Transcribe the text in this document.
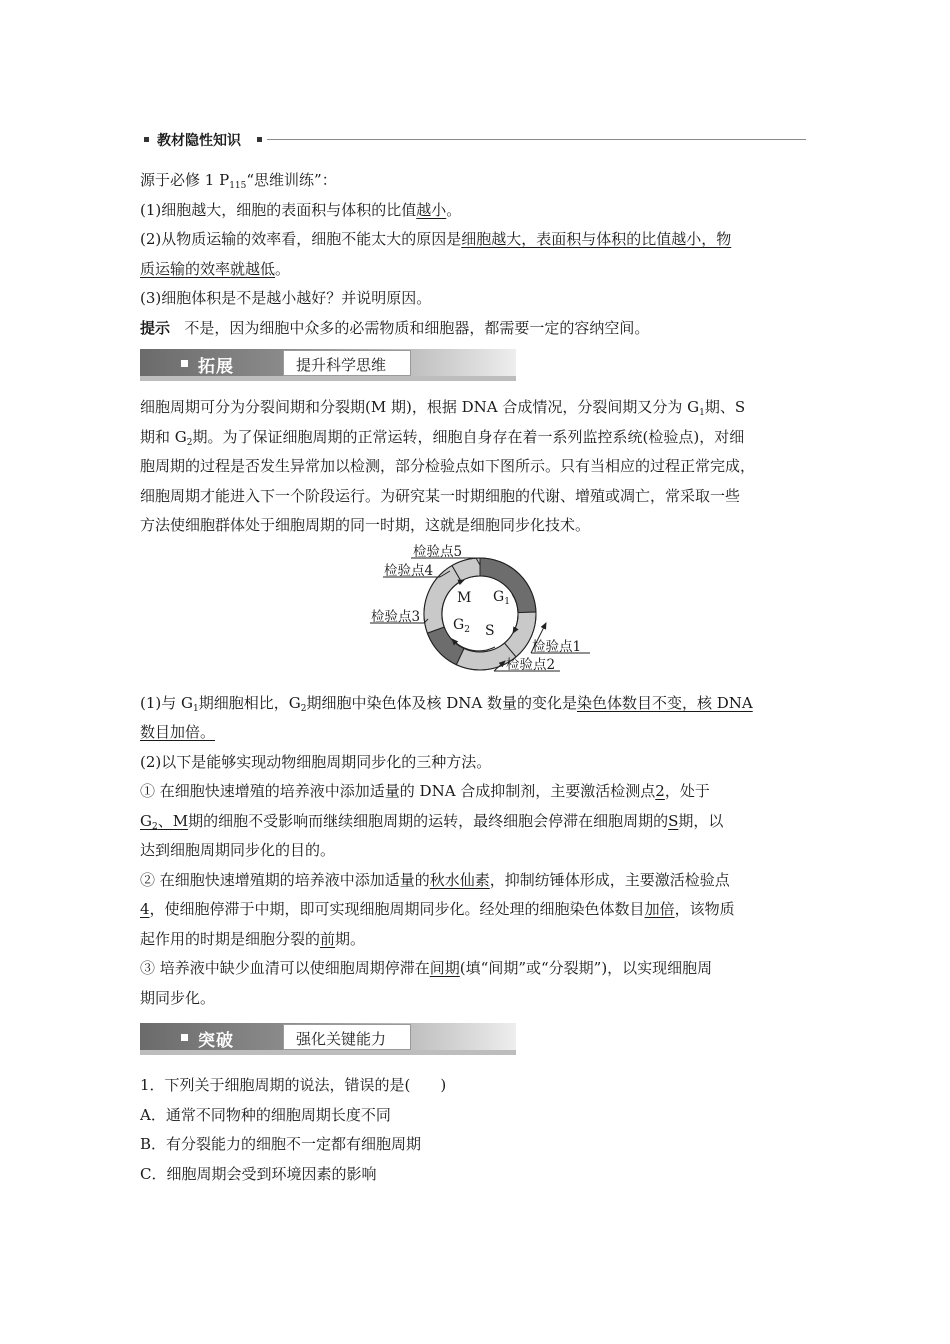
教材隐性知识

源于必修 1 $P_{115}“$思维训练”：

(1)细胞越大，细胞的表面积与体积的比值越小。

(2)从物质运输的效率看，细胞不能太大的原因是细胞越大，表面积与体积的比值越小，物
质运输的效率就越低。

(3)细胞体积是不是越小越好？并说明原因。

提示 不是，因为细胞中众多的必需物质和细胞器，都需要一定的容纳空间。

拓展	提升科学思维

细胞周期可分为分裂间期和分裂期(M 期)，根据 DNA 合成情况，分裂间期又分为 $G_1$期、S

期和 $G_2$期。为了保证细胞周期的正常运转，细胞自身存在着一系列监控系统(检验点)，对细

胞周期的过程是否发生异常加以检测，部分检验点如下图所示。只有当相应的过程正常完成，

细胞周期才能进入下一个阶段运行。为研究某一时期细胞的代谢、增殖或凋亡，常采取一些

方法使细胞群体处于细胞周期的同一时期，这就是细胞同步化技术。

检验点5
检验点4
检验点3
检验点1
检验点2
M $G_1$
$G_2$ S

(1)与 $G_1$期细胞相比，$G_2$期细胞中染色体及核 DNA 数量的变化是染色体数目不变，核 DNA
数目加倍。

(2)以下是能够实现动物细胞周期同步化的三种方法。

① 在细胞快速增殖的培养液中添加适量的 DNA 合成抑制剂，主要激活检测点2，处于
$G_2$、M期的细胞不受影响而继续细胞周期的运转，最终细胞会停滞在细胞周期的S期，以
达到细胞周期同步化的目的。

② 在细胞快速增殖期的培养液中添加适量的秋水仙素，抑制纺锤体形成，主要激活检验点
4，使细胞停滞于中期，即可实现细胞周期同步化。经处理的细胞染色体数目加倍，该物质
起作用的时期是细胞分裂的前期。

③ 培养液中缺少血清可以使细胞周期停滞在间期(填“间期”或“分裂期”)，以实现细胞周
期同步化。

突破	强化关键能力

1．下列关于细胞周期的说法，错误的是(　　)

A．通常不同物种的细胞周期长度不同

B．有分裂能力的细胞不一定都有细胞周期

C．细胞周期会受到环境因素的影响
